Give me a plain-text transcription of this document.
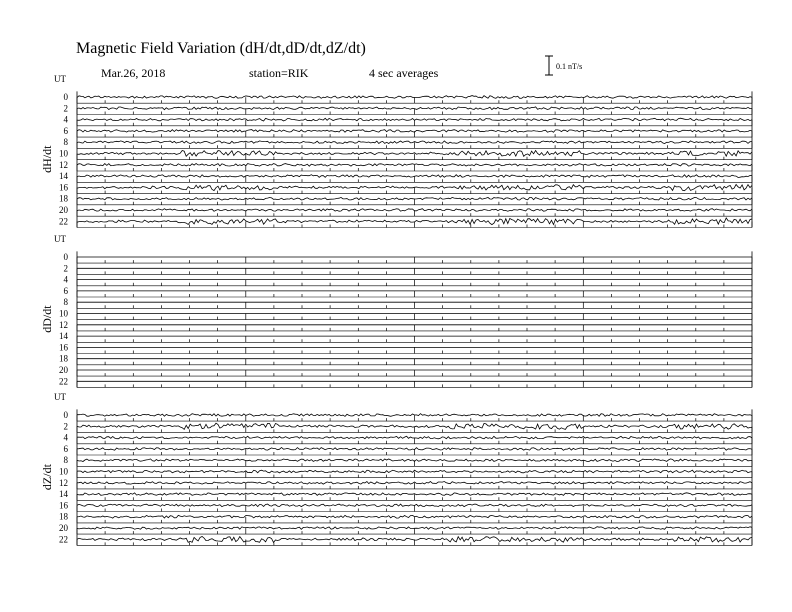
Magnetic Field Variation (dH/dt,dD/dt,dZ/dt)
Mar.26, 2018	station=RIK	4 sec averages	0.1 nT/s
UT
dH/dt
0
2
4
6
8
10
12
14
16
18
20
22
UT
dD/dt
0
2
4
6
8
10
12
14
16
18
20
22
UT
dZ/dt
0
2
4
6
8
10
12
14
16
18
20
22
